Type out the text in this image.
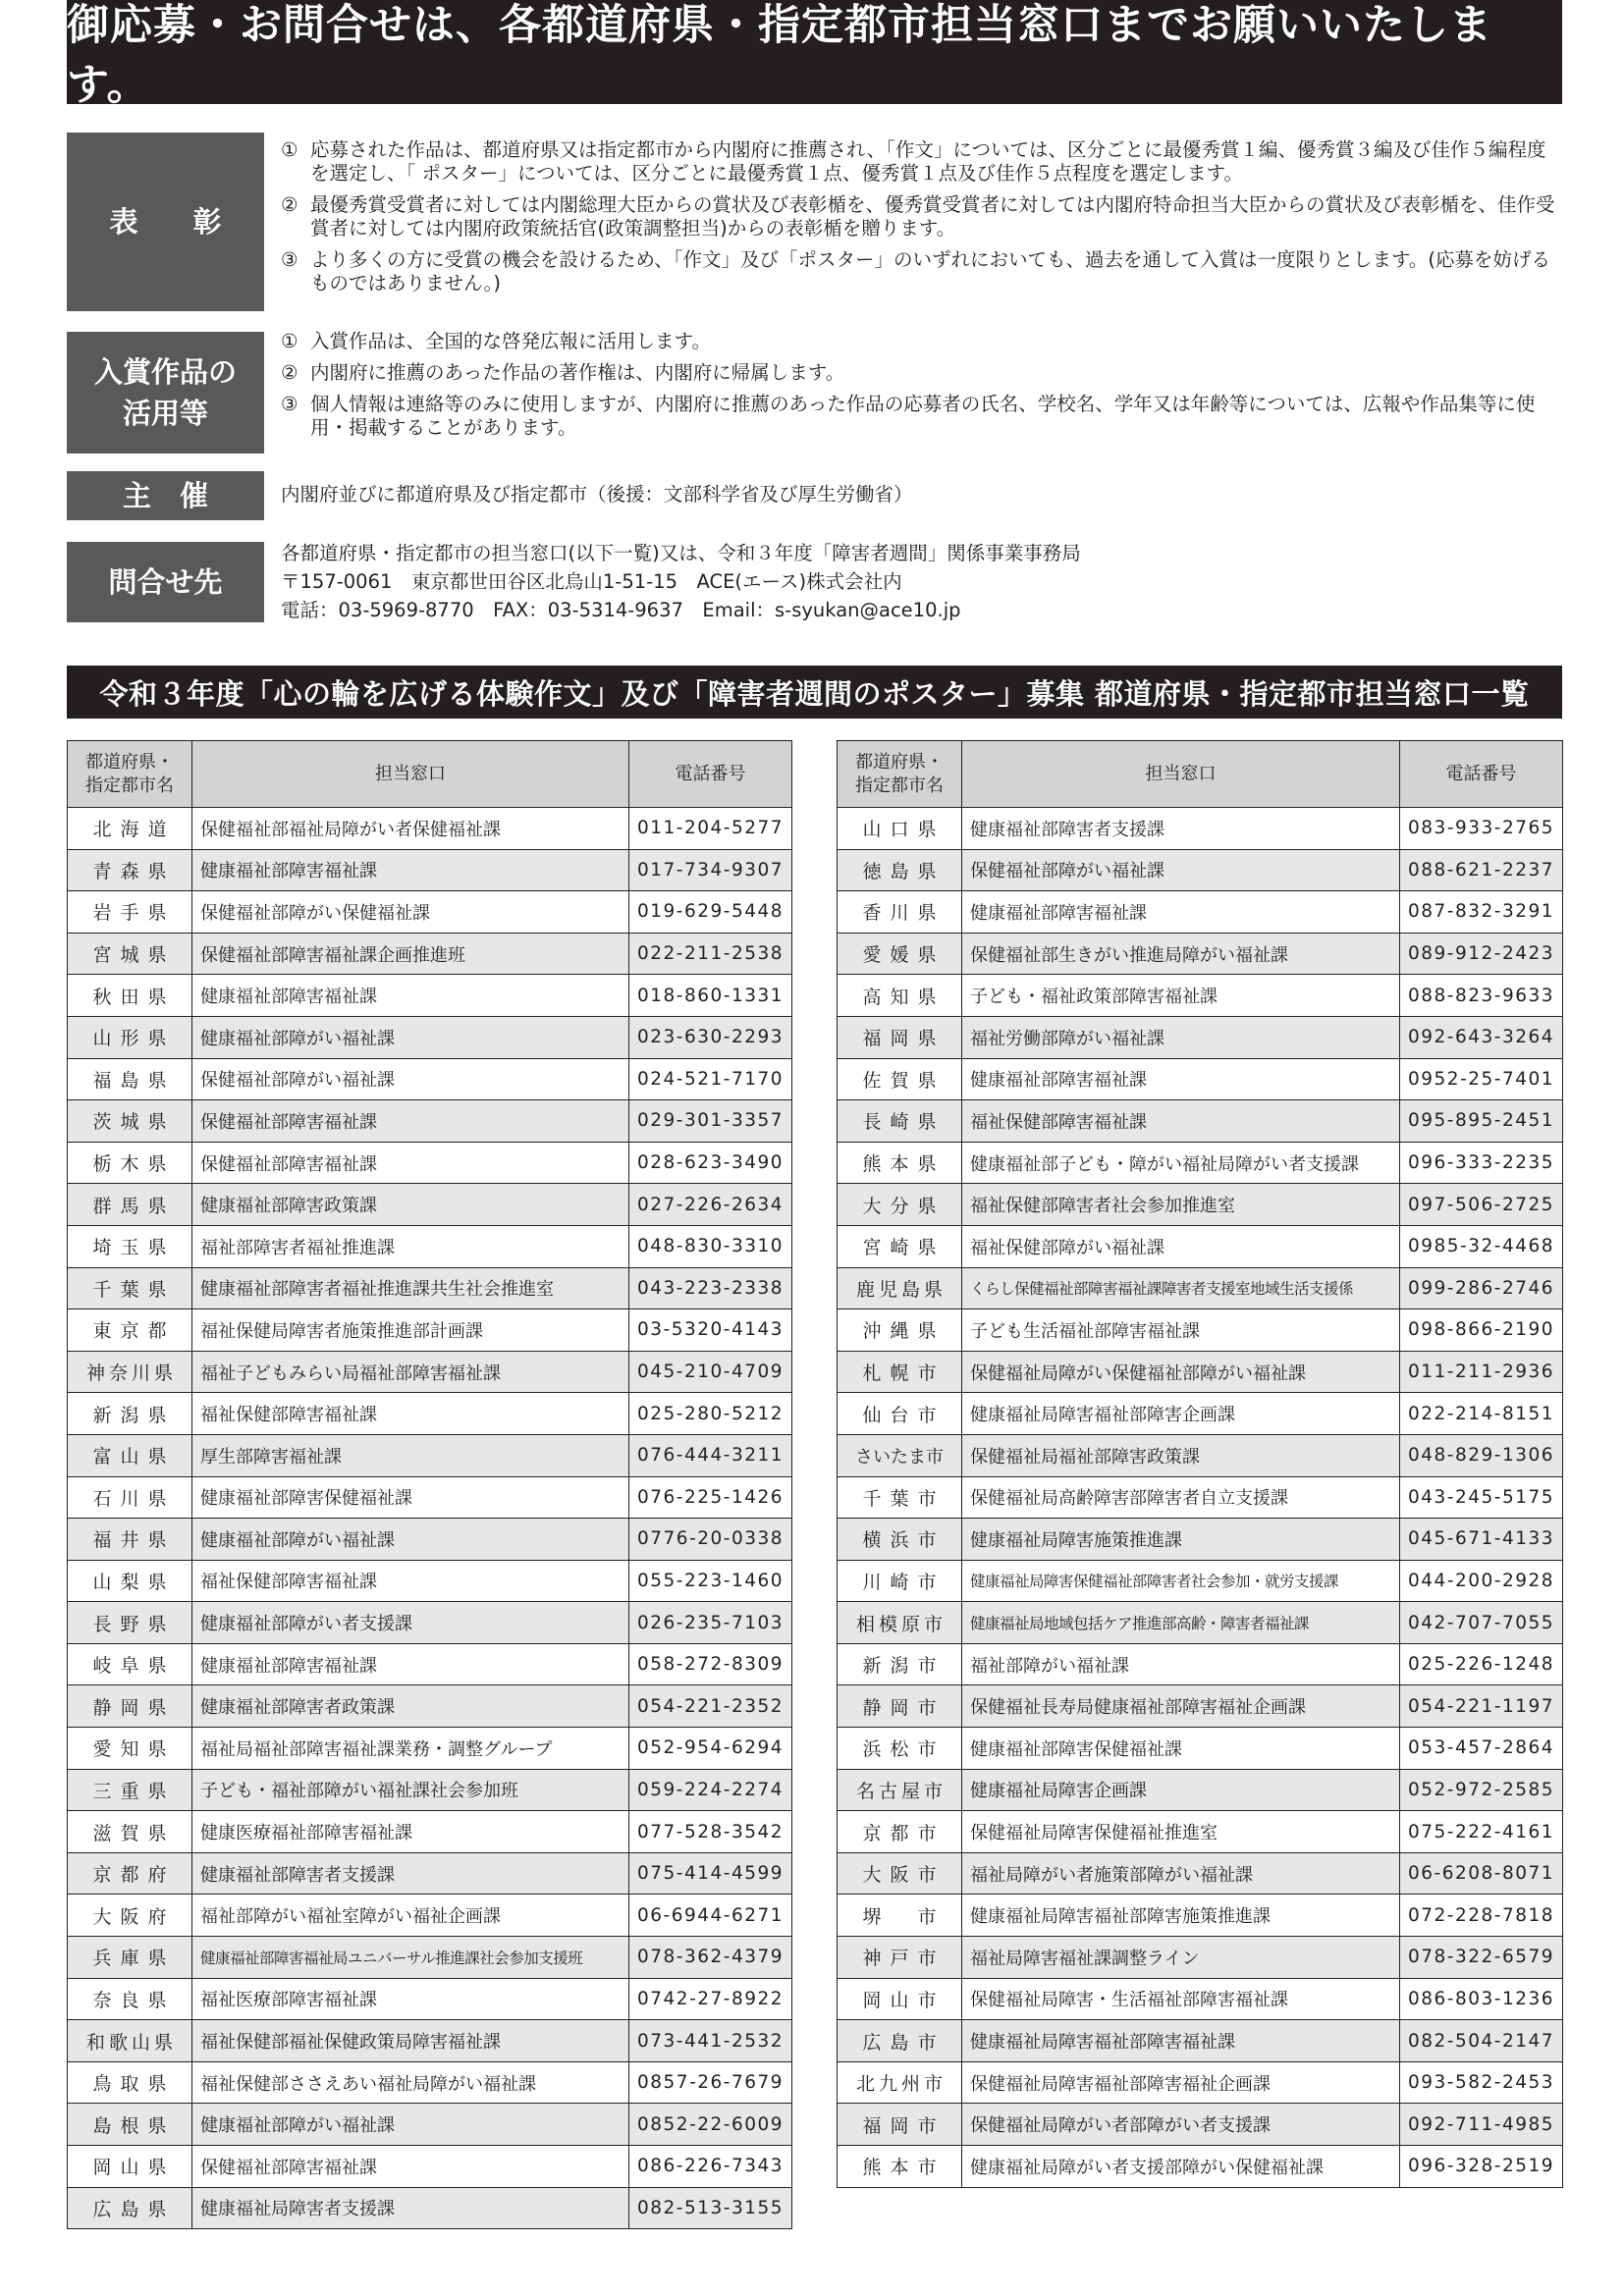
御応募・お問合せは、各都道府県・指定都市担当窓口までお願いいたします。
表 彰
① 応募された作品は、都道府県又は指定都市から内閣府に推薦され、「作文」については、区分ごとに最優秀賞１編、優秀賞３編及び佳作５編程度を選定し、「 ポスター」については、区分ごとに最優秀賞１点、優秀賞１点及び佳作５点程度を選定します。
② 最優秀賞受賞者に対しては内閣総理大臣からの賞状及び表彰楯を、優秀賞受賞者に対しては内閣府特命担当大臣からの賞状及び表彰楯を、佳作受賞者に対しては内閣府政策統括官(政策調整担当)からの表彰楯を贈ります。
③ より多くの方に受賞の機会を設けるため、「作文」及び「ポスター」のいずれにおいても、過去を通して入賞は一度限りとします。(応募を妨げるものではありません。)
入賞作品の
活用等
① 入賞作品は、全国的な啓発広報に活用します。
② 内閣府に推薦のあった作品の著作権は、内閣府に帰属します。
③ 個人情報は連絡等のみに使用しますが、内閣府に推薦のあった作品の応募者の氏名、学校名、学年又は年齢等については、広報や作品集等に使用・掲載することがあります。
主　催	内閣府並びに都道府県及び指定都市（後援：文部科学省及び厚生労働省）
問合せ先
各都道府県・指定都市の担当窓口(以下一覧)又は、令和３年度「障害者週間」関係事業事務局
〒157-0061　東京都世田谷区北烏山1-51-15　ACE(エース)株式会社内
電話：03-5969-8770　FAX：03-5314-9637　Email：s-syukan@ace10.jp
令和３年度「心の輪を広げる体験作文」及び「障害者週間のポスター」募集 都道府県・指定都市担当窓口一覧
都道府県・
指定都市名	担当窓口	電話番号
北海道	保健福祉部福祉局障がい者保健福祉課	011-204-5277
青森県	健康福祉部障害福祉課	017-734-9307
岩手県	保健福祉部障がい保健福祉課	019-629-5448
宮城県	保健福祉部障害福祉課企画推進班	022-211-2538
秋田県	健康福祉部障害福祉課	018-860-1331
山形県	健康福祉部障がい福祉課	023-630-2293
福島県	保健福祉部障がい福祉課	024-521-7170
茨城県	保健福祉部障害福祉課	029-301-3357
栃木県	保健福祉部障害福祉課	028-623-3490
群馬県	健康福祉部障害政策課	027-226-2634
埼玉県	福祉部障害者福祉推進課	048-830-3310
千葉県	健康福祉部障害者福祉推進課共生社会推進室	043-223-2338
東京都	福祉保健局障害者施策推進部計画課	03-5320-4143
神奈川県	福祉子どもみらい局福祉部障害福祉課	045-210-4709
新潟県	福祉保健部障害福祉課	025-280-5212
富山県	厚生部障害福祉課	076-444-3211
石川県	健康福祉部障害保健福祉課	076-225-1426
福井県	健康福祉部障がい福祉課	0776-20-0338
山梨県	福祉保健部障害福祉課	055-223-1460
長野県	健康福祉部障がい者支援課	026-235-7103
岐阜県	健康福祉部障害福祉課	058-272-8309
静岡県	健康福祉部障害者政策課	054-221-2352
愛知県	福祉局福祉部障害福祉課業務・調整グループ	052-954-6294
三重県	子ども・福祉部障がい福祉課社会参加班	059-224-2274
滋賀県	健康医療福祉部障害福祉課	077-528-3542
京都府	健康福祉部障害者支援課	075-414-4599
大阪府	福祉部障がい福祉室障がい福祉企画課	06-6944-6271
兵庫県	健康福祉部障害福祉局ユニバーサル推進課社会参加支援班	078-362-4379
奈良県	福祉医療部障害福祉課	0742-27-8922
和歌山県	福祉保健部福祉保健政策局障害福祉課	073-441-2532
鳥取県	福祉保健部ささえあい福祉局障がい福祉課	0857-26-7679
島根県	健康福祉部障がい福祉課	0852-22-6009
岡山県	保健福祉部障害福祉課	086-226-7343
広島県	健康福祉局障害者支援課	082-513-3155
都道府県・
指定都市名	担当窓口	電話番号
山口県	健康福祉部障害者支援課	083-933-2765
徳島県	保健福祉部障がい福祉課	088-621-2237
香川県	健康福祉部障害福祉課	087-832-3291
愛媛県	保健福祉部生きがい推進局障がい福祉課	089-912-2423
高知県	子ども・福祉政策部障害福祉課	088-823-9633
福岡県	福祉労働部障がい福祉課	092-643-3264
佐賀県	健康福祉部障害福祉課	0952-25-7401
長崎県	福祉保健部障害福祉課	095-895-2451
熊本県	健康福祉部子ども・障がい福祉局障がい者支援課	096-333-2235
大分県	福祉保健部障害者社会参加推進室	097-506-2725
宮崎県	福祉保健部障がい福祉課	0985-32-4468
鹿児島県	くらし保健福祉部障害福祉課障害者支援室地域生活支援係	099-286-2746
沖縄県	子ども生活福祉部障害福祉課	098-866-2190
札幌市	保健福祉局障がい保健福祉部障がい福祉課	011-211-2936
仙台市	健康福祉局障害福祉部障害企画課	022-214-8151
さいたま市	保健福祉局福祉部障害政策課	048-829-1306
千葉市	保健福祉局高齢障害部障害者自立支援課	043-245-5175
横浜市	健康福祉局障害施策推進課	045-671-4133
川崎市	健康福祉局障害保健福祉部障害者社会参加・就労支援課	044-200-2928
相模原市	健康福祉局地域包括ケア推進部高齢・障害者福祉課	042-707-7055
新潟市	福祉部障がい福祉課	025-226-1248
静岡市	保健福祉長寿局健康福祉部障害福祉企画課	054-221-1197
浜松市	健康福祉部障害保健福祉課	053-457-2864
名古屋市	健康福祉局障害企画課	052-972-2585
京都市	保健福祉局障害保健福祉推進室	075-222-4161
大阪市	福祉局障がい者施策部障がい福祉課	06-6208-8071
堺　市	健康福祉局障害福祉部障害施策推進課	072-228-7818
神戸市	福祉局障害福祉課調整ライン	078-322-6579
岡山市	保健福祉局障害・生活福祉部障害福祉課	086-803-1236
広島市	健康福祉局障害福祉部障害福祉課	082-504-2147
北九州市	保健福祉局障害福祉部障害福祉企画課	093-582-2453
福岡市	保健福祉局障がい者部障がい者支援課	092-711-4985
熊本市	健康福祉局障がい者支援部障がい保健福祉課	096-328-2519
